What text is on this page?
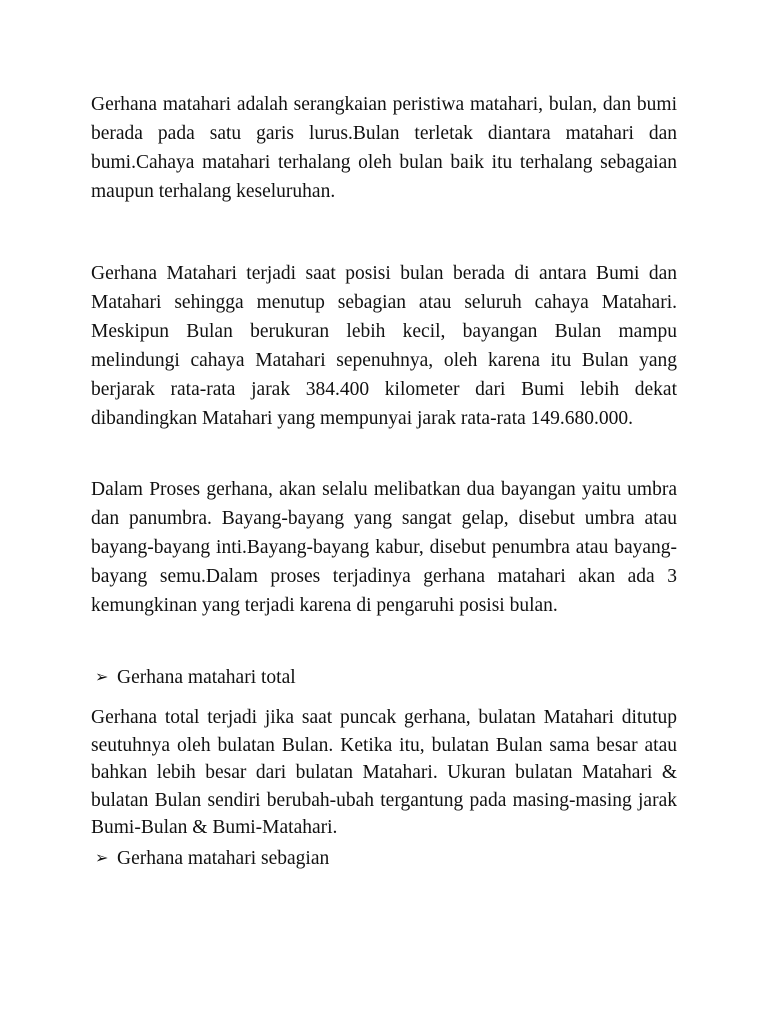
Gerhana matahari adalah serangkaian peristiwa matahari, bulan, dan bumi berada pada satu garis lurus.Bulan terletak diantara matahari dan bumi.Cahaya matahari terhalang oleh bulan baik itu terhalang sebagaian maupun terhalang keseluruhan.

Gerhana Matahari terjadi saat posisi bulan berada di antara Bumi dan Matahari sehingga menutup sebagian atau seluruh cahaya Matahari. Meskipun Bulan berukuran lebih kecil, bayangan Bulan mampu melindungi cahaya Matahari sepenuhnya, oleh karena itu Bulan yang berjarak rata-rata jarak 384.400 kilometer dari Bumi lebih dekat dibandingkan Matahari yang mempunyai jarak rata-rata 149.680.000.

Dalam Proses gerhana, akan selalu melibatkan dua bayangan yaitu umbra dan panumbra. Bayang-bayang yang sangat gelap, disebut umbra atau bayang-bayang inti.Bayang-bayang kabur, disebut penumbra atau bayang-bayang semu.Dalam proses terjadinya gerhana matahari akan ada 3 kemungkinan yang terjadi karena di pengaruhi posisi bulan.

➢ Gerhana matahari total

Gerhana total terjadi jika saat puncak gerhana, bulatan Matahari ditutup seutuhnya oleh bulatan Bulan. Ketika itu, bulatan Bulan sama besar atau bahkan lebih besar dari bulatan Matahari. Ukuran bulatan Matahari & bulatan Bulan sendiri berubah-ubah tergantung pada masing-masing jarak Bumi-Bulan & Bumi-Matahari.

➢ Gerhana matahari sebagian
